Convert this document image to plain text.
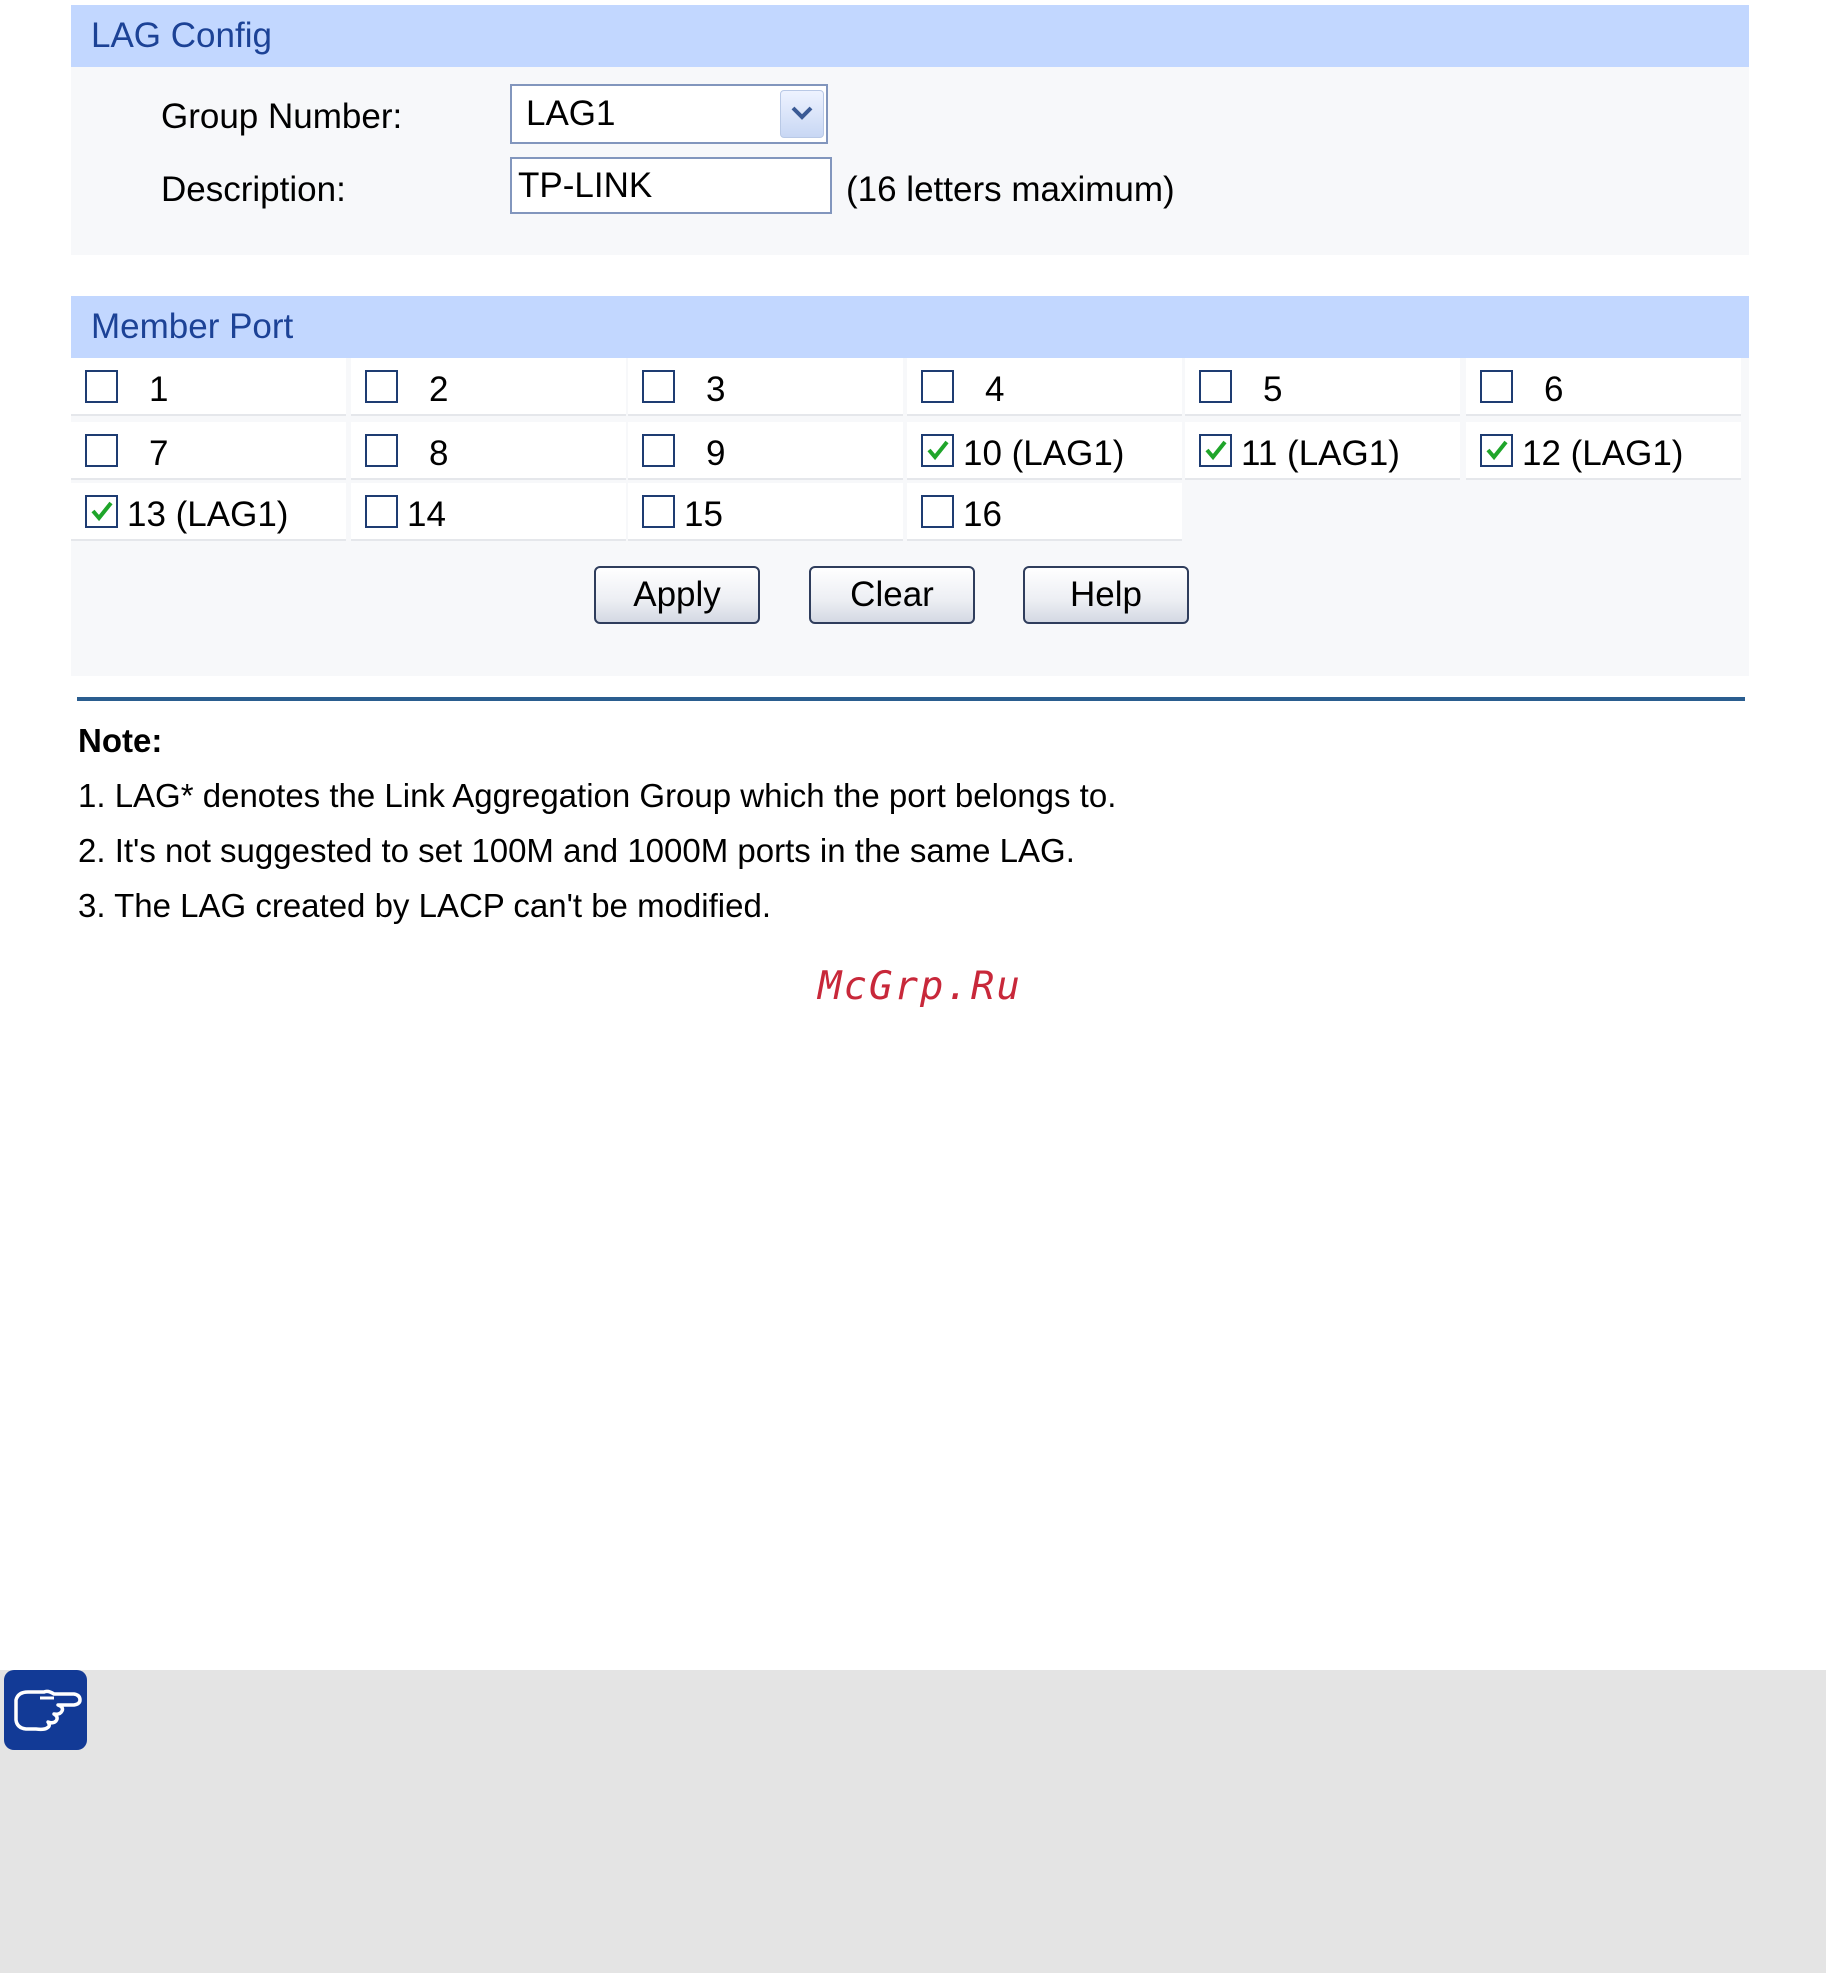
LAG Config
Group Number:	LAG1
Description:	TP-LINK	(16 letters maximum)
Member Port
1	2	3	4	5	6
7	8	9	10 (LAG1)	11 (LAG1)	12 (LAG1)
13 (LAG1)	14	15	16
Apply	Clear	Help
Note:
1. LAG* denotes the Link Aggregation Group which the port belongs to.
2. It's not suggested to set 100M and 1000M ports in the same LAG.
3. The LAG created by LACP can't be modified.
McGrp.Ru
